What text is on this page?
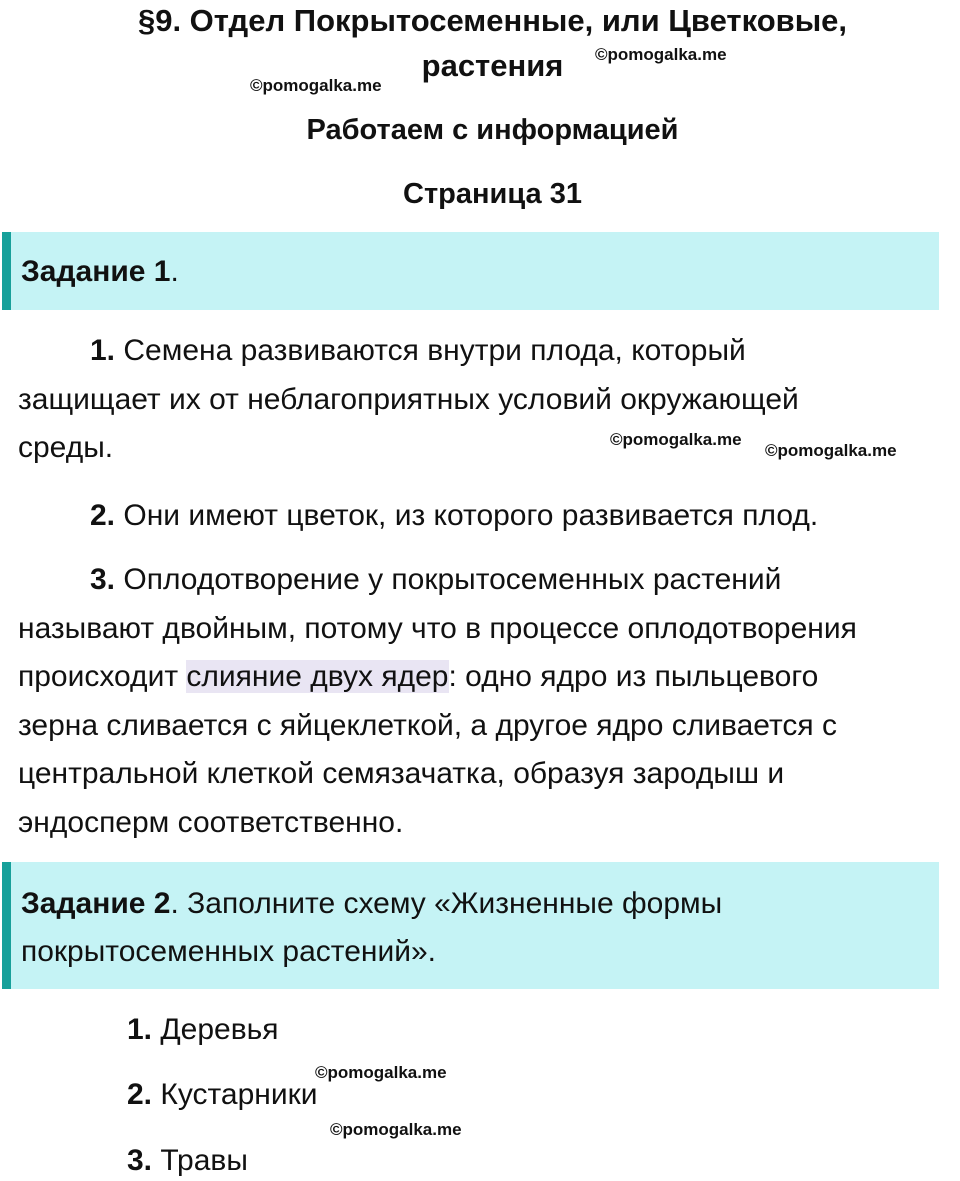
§9. Отдел Покрытосеменные, или Цветковые,
растения	©pomogalka.me
©pomogalka.me
Работаем с информацией
Страница 31
Задание 1.
1. Семена развиваются внутри плода, который
защищает их от неблагоприятных условий окружающей
среды.	©pomogalka.me
©pomogalka.me
2. Они имеют цветок, из которого развивается плод.
3. Оплодотворение у покрытосеменных растений
называют двойным, потому что в процессе оплодотворения
происходит слияние двух ядер: одно ядро из пыльцевого
зерна сливается с яйцеклеткой, а другое ядро сливается с
центральной клеткой семязачатка, образуя зародыш и
эндосперм соответственно.
Задание 2. Заполните схему «Жизненные формы
покрытосеменных растений».
1. Деревья
©pomogalka.me
2. Кустарники
©pomogalka.me
3. Травы
